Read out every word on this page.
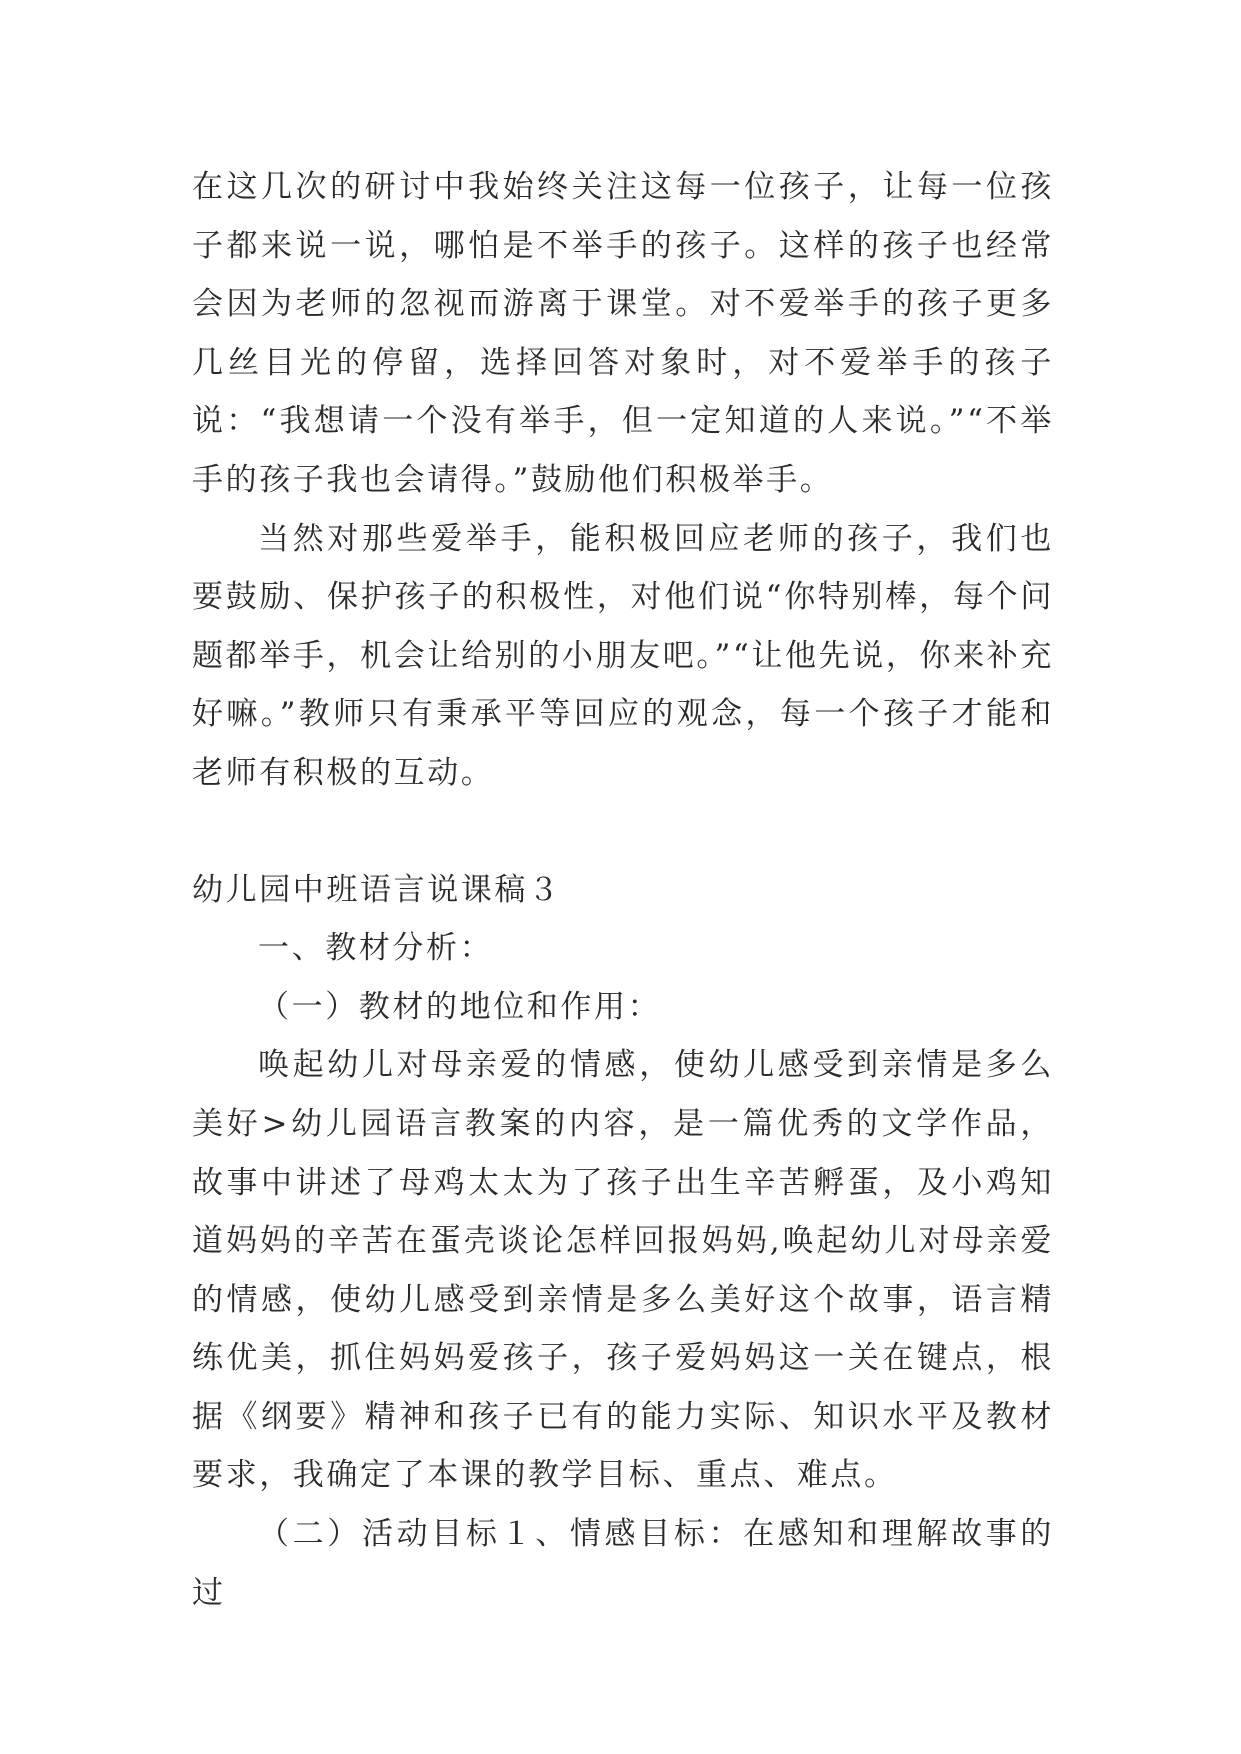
在这几次的研讨中我始终关注这每一位孩子，让每一位孩子都来说一说，哪怕是不举手的孩子。这样的孩子也经常会因为老师的忽视而游离于课堂。对不爱举手的孩子更多几丝目光的停留，选择回答对象时，对不爱举手的孩子说：“我想请一个没有举手，但一定知道的人来说。”“不举手的孩子我也会请得。”鼓励他们积极举手。

当然对那些爱举手，能积极回应老师的孩子，我们也要鼓励、保护孩子的积极性，对他们说“你特别棒，每个问题都举手，机会让给别的小朋友吧。”“让他先说，你来补充好嘛。”教师只有秉承平等回应的观念，每一个孩子才能和老师有积极的互动。

幼儿园中班语言说课稿３

一、教材分析：

（一）教材的地位和作用：

唤起幼儿对母亲爱的情感，使幼儿感受到亲情是多么美好>幼儿园语言教案的内容，是一篇优秀的文学作品，故事中讲述了母鸡太太为了孩子出生辛苦孵蛋，及小鸡知道妈妈的辛苦在蛋壳谈论怎样回报妈妈,唤起幼儿对母亲爱的情感，使幼儿感受到亲情是多么美好这个故事，语言精练优美，抓住妈妈爱孩子，孩子爱妈妈这一关在键点，根据《纲要》精神和孩子已有的能力实际、知识水平及教材要求，我确定了本课的教学目标、重点、难点。

（二）活动目标１、情感目标：在感知和理解故事的过
